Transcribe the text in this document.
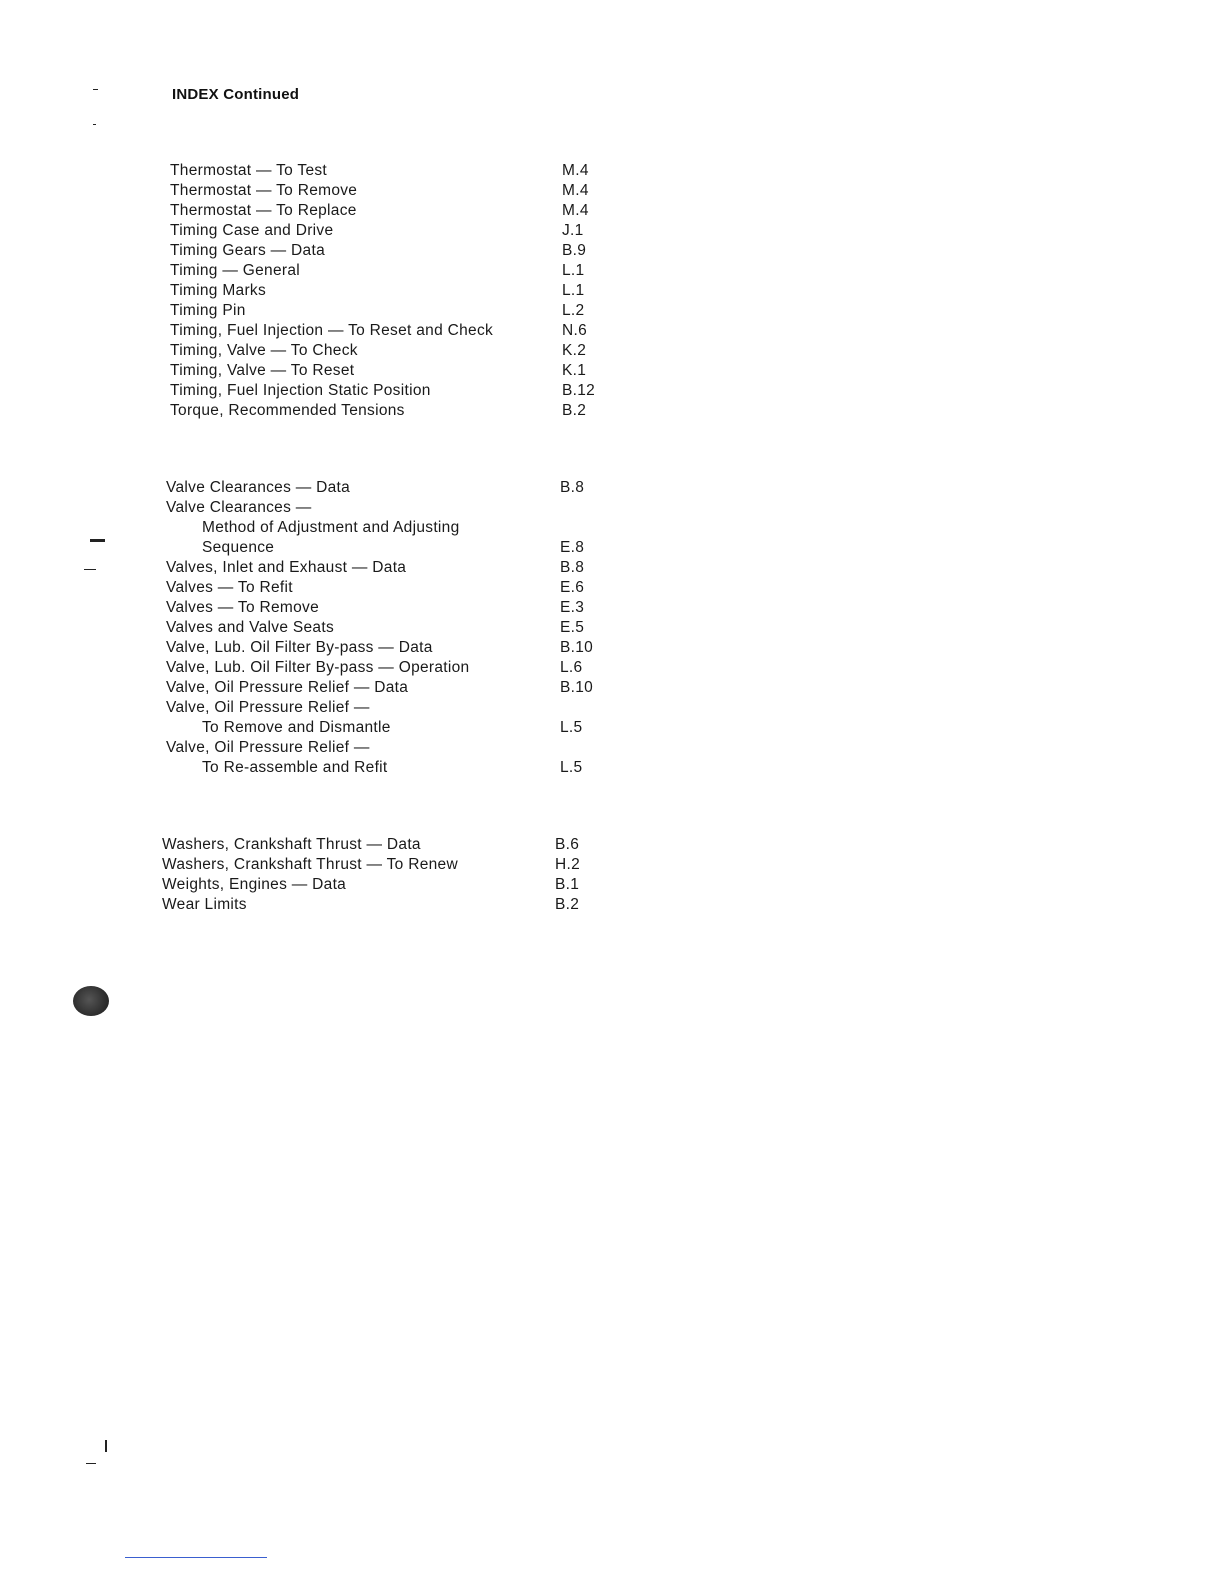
INDEX Continued
Thermostat — To Test	M.4
Thermostat — To Remove	M.4
Thermostat — To Replace	M.4
Timing Case and Drive	J.1
Timing Gears — Data	B.9
Timing — General	L.1
Timing Marks	L.1
Timing Pin	L.2
Timing, Fuel Injection — To Reset and Check	N.6
Timing, Valve — To Check	K.2
Timing, Valve — To Reset	K.1
Timing, Fuel Injection Static Position	B.12
Torque, Recommended Tensions	B.2
Valve Clearances — Data	B.8
Valve Clearances —
Method of Adjustment and Adjusting
Sequence	E.8
Valves, Inlet and Exhaust — Data	B.8
Valves — To Refit	E.6
Valves — To Remove	E.3
Valves and Valve Seats	E.5
Valve, Lub. Oil Filter By-pass — Data	B.10
Valve, Lub. Oil Filter By-pass — Operation	L.6
Valve, Oil Pressure Relief — Data	B.10
Valve, Oil Pressure Relief —
To Remove and Dismantle	L.5
Valve, Oil Pressure Relief —
To Re-assemble and Refit	L.5
Washers, Crankshaft Thrust — Data	B.6
Washers, Crankshaft Thrust — To Renew	H.2
Weights, Engines — Data	B.1
Wear Limits	B.2
